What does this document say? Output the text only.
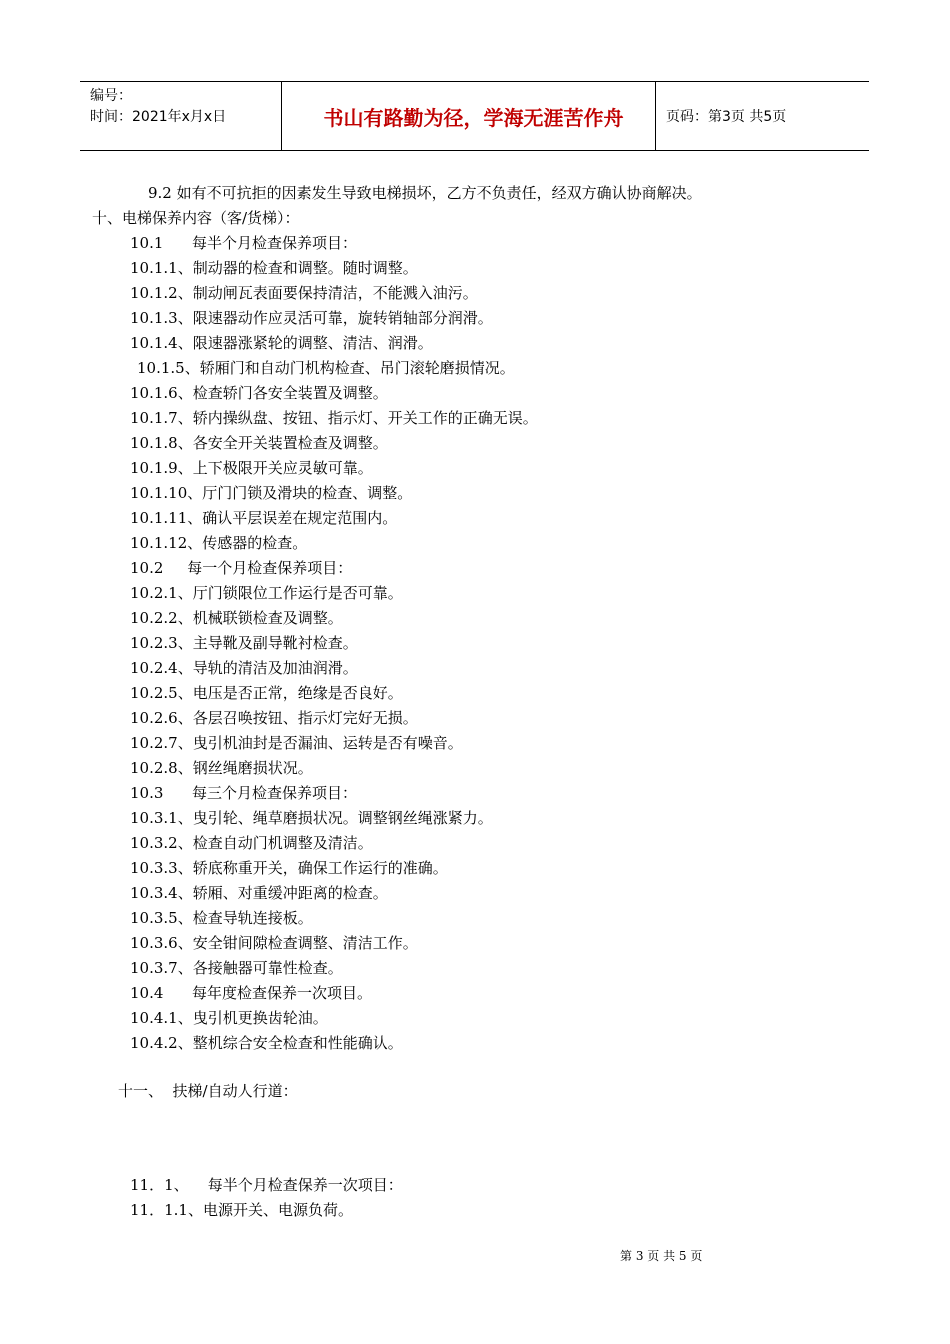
编号：
时间：2021年x月x日	书山有路勤为径，学海无涯苦作舟	页码：第3页 共5页
9.2 如有不可抗拒的因素发生导致电梯损坏，乙方不负责任，经双方确认协商解决。
十、电梯保养内容（客/货梯）：
10.1      每半个月检查保养项目：
10.1.1、制动器的检查和调整。随时调整。
10.1.2、制动闸瓦表面要保持清洁，不能溅入油污。
10.1.3、限速器动作应灵活可靠，旋转销轴部分润滑。
10.1.4、限速器涨紧轮的调整、清洁、润滑。
10.1.5、轿厢门和自动门机构检查、吊门滚轮磨损情况。
10.1.6、检查轿门各安全装置及调整。
10.1.7、轿内操纵盘、按钮、指示灯、开关工作的正确无误。
10.1.8、各安全开关装置检查及调整。
10.1.9、上下极限开关应灵敏可靠。
10.1.10、厅门门锁及滑块的检查、调整。
10.1.11、确认平层误差在规定范围内。
10.1.12、传感器的检查。
10.2     每一个月检查保养项目：
10.2.1、厅门锁限位工作运行是否可靠。
10.2.2、机械联锁检查及调整。
10.2.3、主导靴及副导靴衬检查。
10.2.4、导轨的清洁及加油润滑。
10.2.5、电压是否正常，绝缘是否良好。
10.2.6、各层召唤按钮、指示灯完好无损。
10.2.7、曳引机油封是否漏油、运转是否有噪音。
10.2.8、钢丝绳磨损状况。
10.3      每三个月检查保养项目：
10.3.1、曳引轮、绳草磨损状况。调整钢丝绳涨紧力。
10.3.2、检查自动门机调整及清洁。
10.3.3、轿底称重开关，确保工作运行的准确。
10.3.4、轿厢、对重缓冲距离的检查。
10.3.5、检查导轨连接板。
10.3.6、安全钳间隙检查调整、清洁工作。
10.3.7、各接触器可靠性检查。
10.4      每年度检查保养一次项目。
10.4.1、曳引机更换齿轮油。
10.4.2、整机综合安全检查和性能确认。
十一、  扶梯/自动人行道：
11．1、    每半个月检查保养一次项目：
11．1.1、电源开关、电源负荷。
第 3 页 共 5 页
